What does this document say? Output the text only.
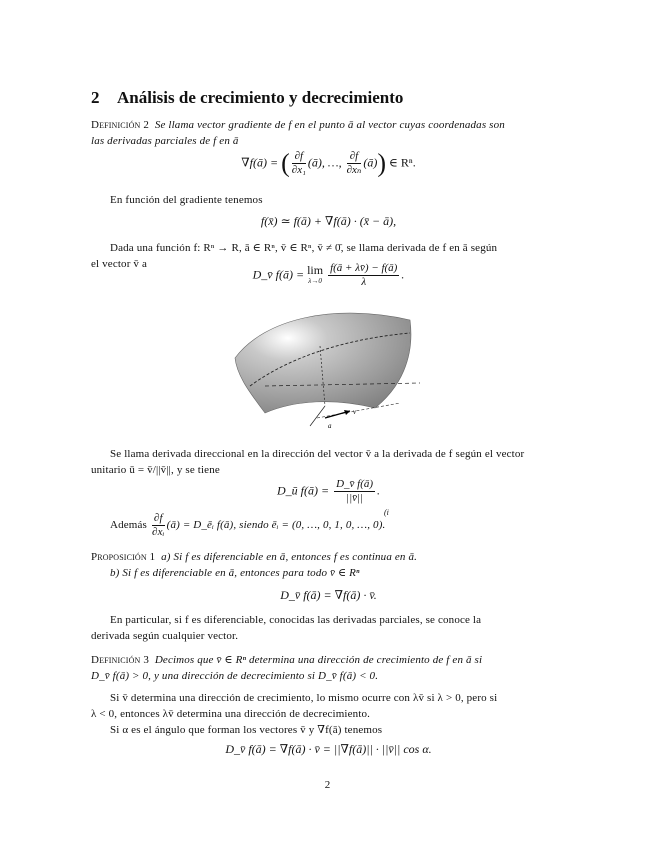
2 Análisis de crecimiento y decrecimiento
Definición 2 Se llama vector gradiente de f en el punto ā al vector cuyas coordenadas son
las derivadas parciales de f en ā
∇f(ā) = ( $\frac{\partial f}{\text{∂x₁}}$ (ā), …, $\frac{\partial f}{\text{∂xₙ}}$ (ā)) ∈ Rⁿ.
En función del gradiente tenemos
f(x̄) ≃ f(ā) + ∇f(ā) · (x̄ − ā),
Dada una función f: Rⁿ → R, ā ∈ Rⁿ, v̄ ∈ Rⁿ, v̄ ≠ 0̄, se llama derivada de f en ā según
el vector v̄ a
D_v̄ f(ā) = lim
λ→0
$\frac{f(ā + \lambda v̄) - f(ā)}{\lambda}$ .
a
v
Se llama derivada direccional en la dirección del vector v̄ a la derivada de f según el vector
unitario ū = v̄/||v̄||, y se tiene
D_ū f(ā) = $\frac{D\_v̄ f(ā)}{||v̄||}$ .
Además $\frac{\partial f}{\text{∂xᵢ}}$ (ā) = D_ēᵢ f(ā), siendo ēᵢ = (0, …, 0, 1, 0, …, 0).
(i
Proposición 1 a) Si f es diferenciable en ā, entonces f es continua en ā.
b) Si f es diferenciable en ā, entonces para todo v̄ ∈ Rⁿ
D_v̄ f(ā) = ∇f(ā) · v̄.
En particular, si f es diferenciable, conocidas las derivadas parciales, se conoce la
derivada según cualquier vector.
Definición 3 Decimos que v̄ ∈ Rⁿ determina una dirección de crecimiento de f en ā si
D_v̄ f(ā) > 0, y una dirección de decrecimiento si D_v̄ f(ā) < 0.
Si v̄ determina una dirección de crecimiento, lo mismo ocurre con λv̄ si λ > 0, pero si
λ < 0, entonces λv̄ determina una dirección de decrecimiento.
Si α es el ángulo que forman los vectores v̄ y ∇f(ā) tenemos
D_v̄ f(ā) = ∇f(ā) · v̄ = ||∇f(ā)|| · ||v̄|| cos α.
2
